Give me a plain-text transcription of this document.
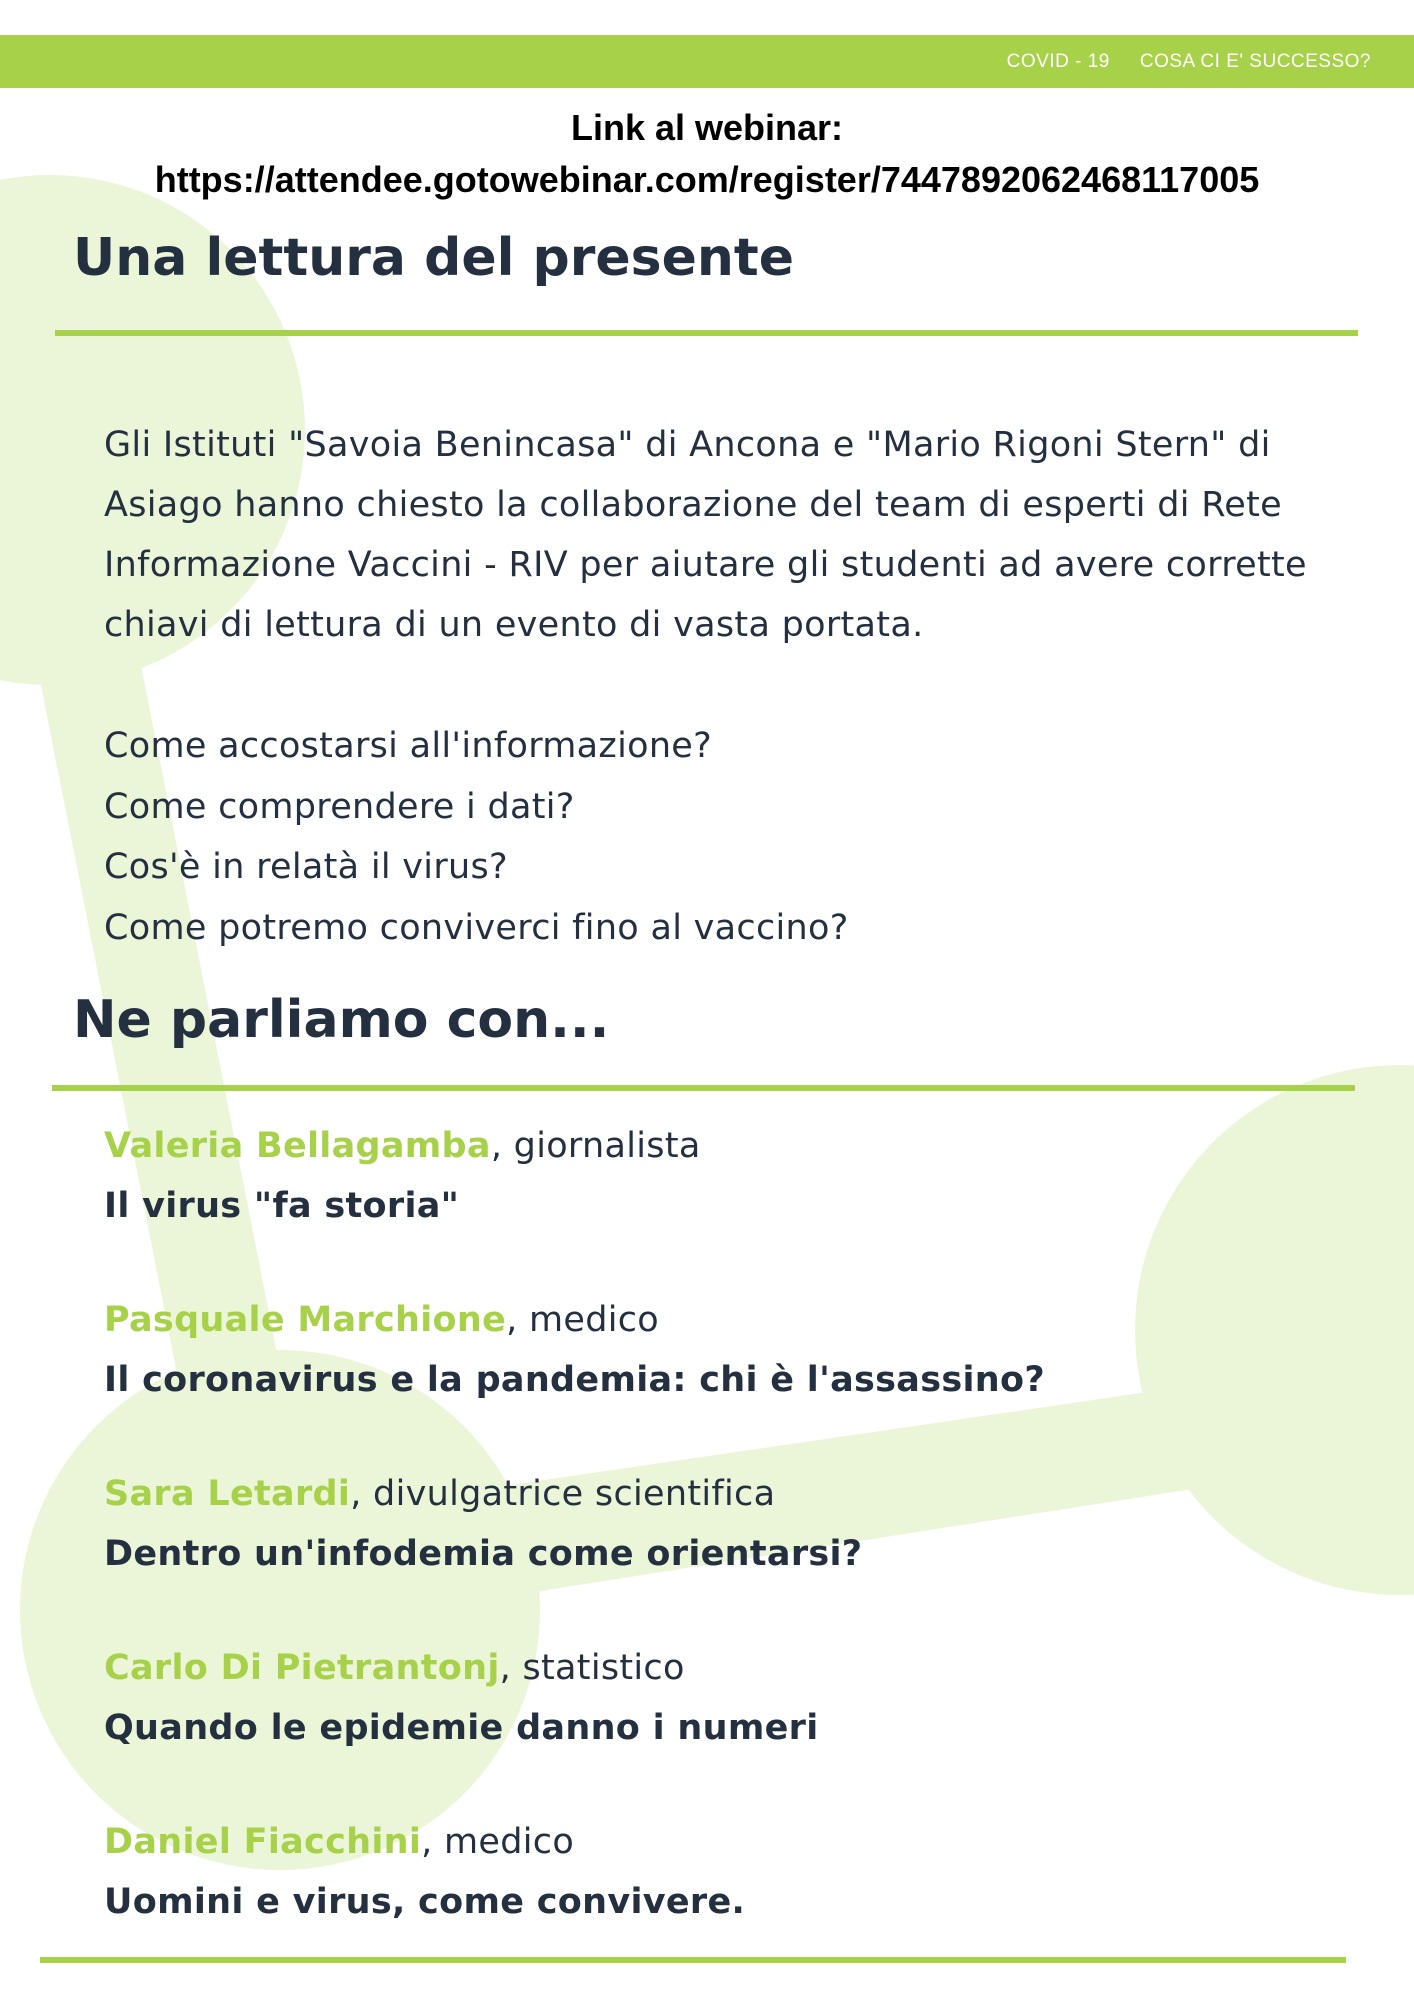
COVID - 19 COSA CI E' SUCCESSO?
Link al webinar:
https://attendee.gotowebinar.com/register/7447892062468117005
Una lettura del presente

Gli Istituti "Savoia Benincasa" di Ancona e "Mario Rigoni Stern" di Asiago hanno chiesto la collaborazione del team di esperti di Rete Informazione Vaccini - RIV per aiutare gli studenti ad avere corrette chiavi di lettura di un evento di vasta portata.

Come accostarsi all'informazione?
Come comprendere i dati?
Cos'è in relatà il virus?
Come potremo conviverci fino al vaccino?
Ne parliamo con...
Valeria Bellagamba, giornalista
Il virus "fa storia"
Pasquale Marchione, medico
Il coronavirus e la pandemia: chi è l'assassino?
Sara Letardi, divulgatrice scientifica
Dentro un'infodemia come orientarsi?
Carlo Di Pietrantonj, statistico
Quando le epidemie danno i numeri
Daniel Fiacchini, medico
Uomini e virus, come convivere.
